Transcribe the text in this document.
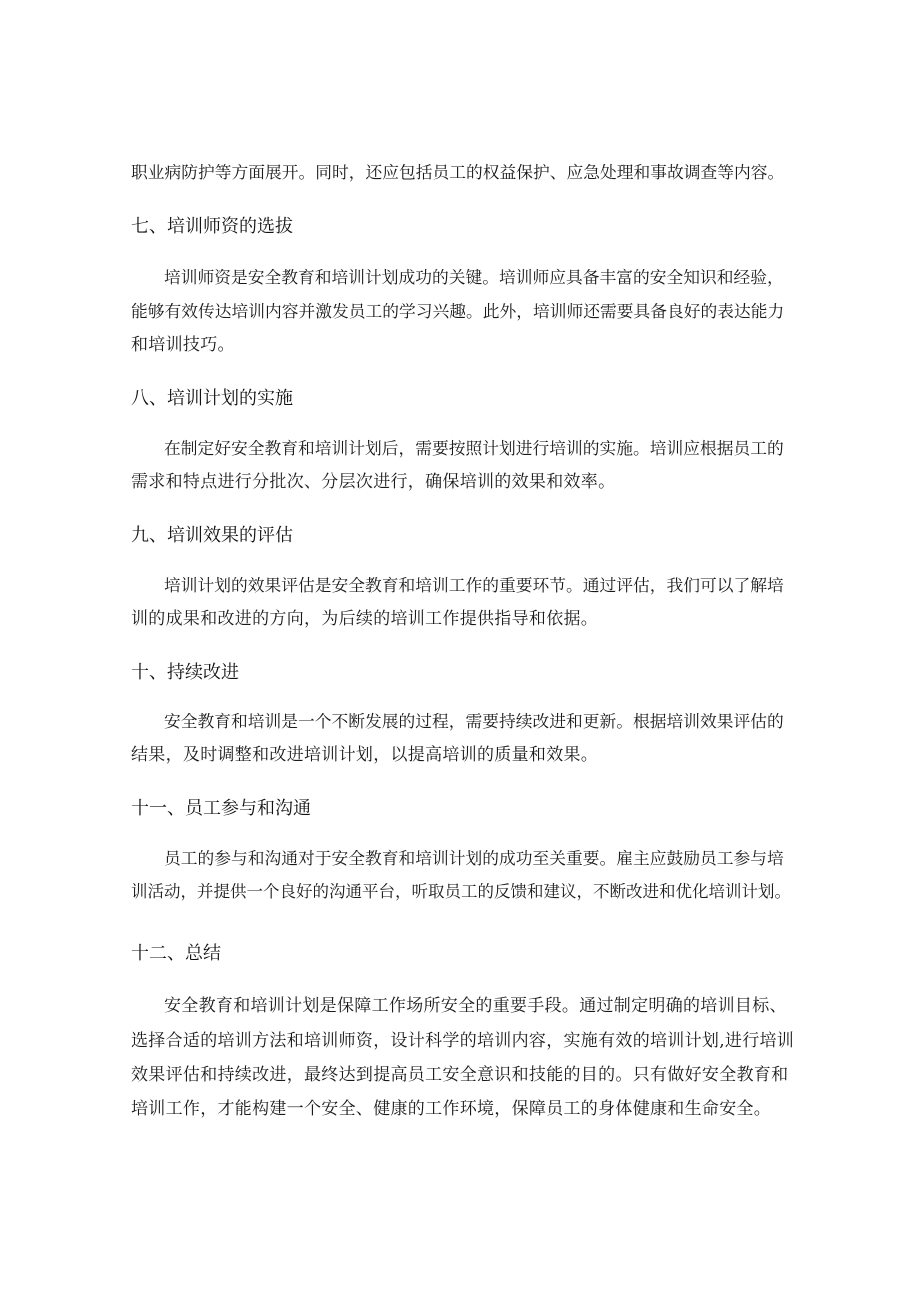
职业病防护等方面展开。同时，还应包括员工的权益保护、应急处理和事故调查等内容。
七、培训师资的选拔
培训师资是安全教育和培训计划成功的关键。培训师应具备丰富的安全知识和经验，
能够有效传达培训内容并激发员工的学习兴趣。此外，培训师还需要具备良好的表达能力
和培训技巧。
八、培训计划的实施
在制定好安全教育和培训计划后，需要按照计划进行培训的实施。培训应根据员工的
需求和特点进行分批次、分层次进行，确保培训的效果和效率。
九、培训效果的评估
培训计划的效果评估是安全教育和培训工作的重要环节。通过评估，我们可以了解培
训的成果和改进的方向，为后续的培训工作提供指导和依据。
十、持续改进
安全教育和培训是一个不断发展的过程，需要持续改进和更新。根据培训效果评估的
结果，及时调整和改进培训计划，以提高培训的质量和效果。
十一、员工参与和沟通
员工的参与和沟通对于安全教育和培训计划的成功至关重要。雇主应鼓励员工参与培
训活动，并提供一个良好的沟通平台，听取员工的反馈和建议，不断改进和优化培训计划。
十二、总结
安全教育和培训计划是保障工作场所安全的重要手段。通过制定明确的培训目标、
选择合适的培训方法和培训师资，设计科学的培训内容，实施有效的培训计划,进行培训
效果评估和持续改进，最终达到提高员工安全意识和技能的目的。只有做好安全教育和
培训工作，才能构建一个安全、健康的工作环境，保障员工的身体健康和生命安全。
